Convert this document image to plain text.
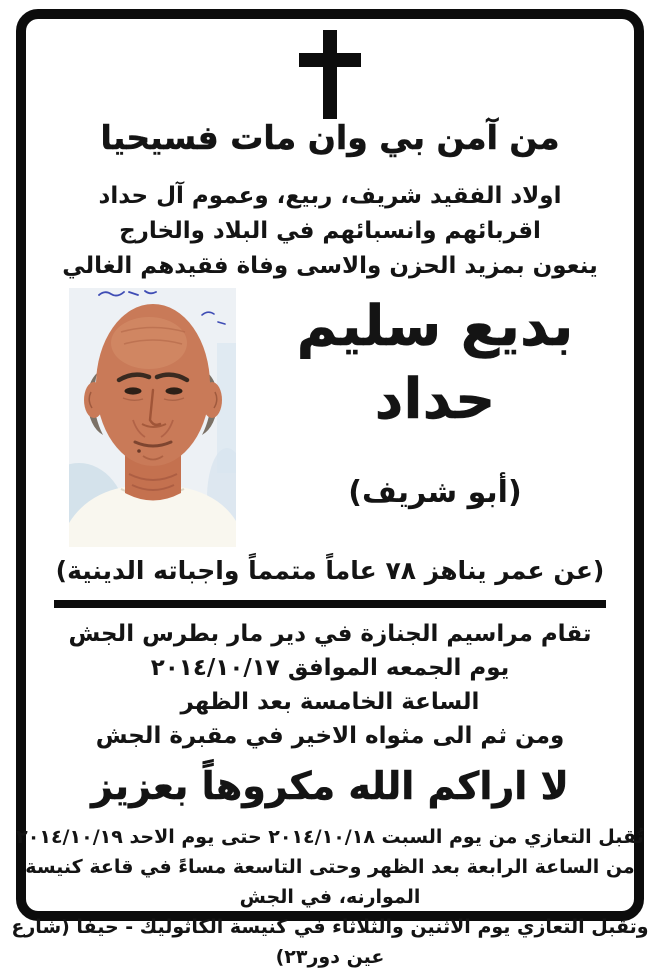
من آمن بي وان مات فسيحيا
اولاد الفقيد شريف، ربيع، وعموم آل حداد
اقربائهم وانسبائهم في البلاد والخارج
ينعون بمزيد الحزن والاسى وفاة فقيدهم الغالي
بديع سليم
حداد
(أبو شريف)
(عن عمر يناهز ٧٨ عاماً متمماً واجباته الدينية)
تقام مراسيم الجنازة في دير مار بطرس الجش
يوم الجمعه الموافق ٢٠١٤/١٠/١٧
الساعة الخامسة بعد الظهر
ومن ثم الى مثواه الاخير في مقبرة الجش
لا اراكم الله مكروهاً بعزيز
تُقبل التعازي من يوم السبت ٢٠١٤/١٠/١٨ حتى يوم الاحد ٢٠١٤/١٠/١٩
من الساعة الرابعة بعد الظهر وحتى التاسعة مساءً في قاعة كنيسة الموارنه، في الجش
وتقبل التعازي يوم الاثنين والثلاثاء في كنيسة الكاثوليك - حيفا (شارع عين دور٢٣)
